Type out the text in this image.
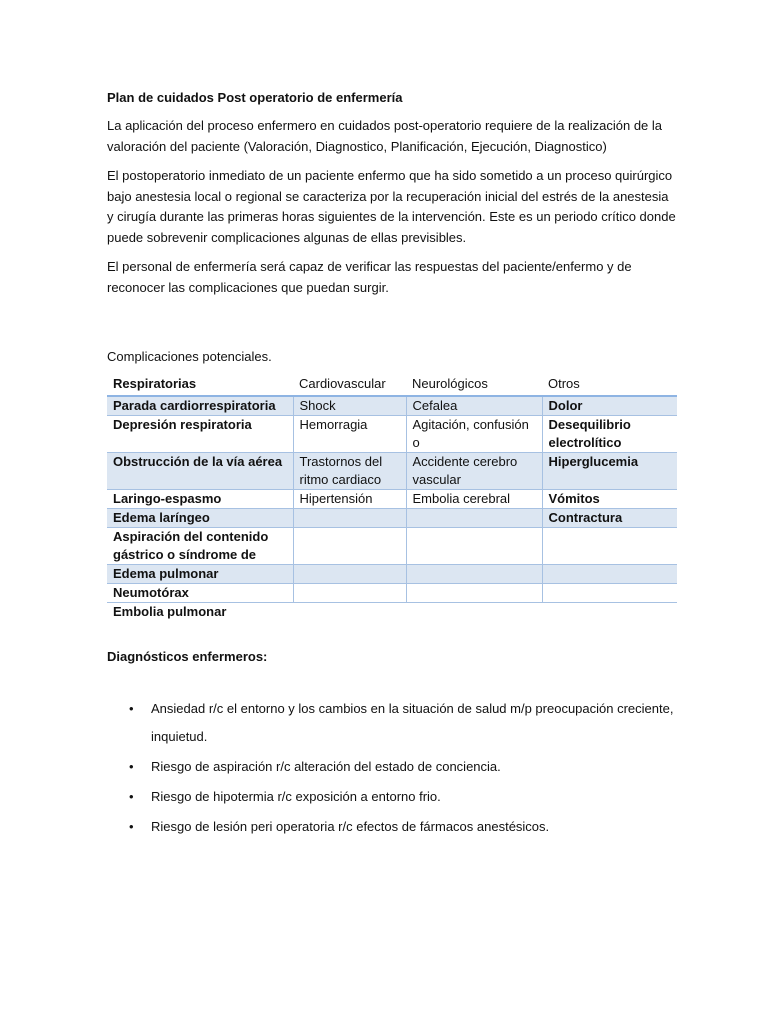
Plan de cuidados Post operatorio de enfermería

La aplicación del proceso enfermero en cuidados post-operatorio requiere de la realización de la valoración del paciente (Valoración, Diagnostico, Planificación, Ejecución, Diagnostico)

El postoperatorio inmediato de un paciente enfermo que ha sido sometido a un proceso quirúrgico bajo anestesia local o regional se caracteriza por la recuperación inicial del estrés de la anestesia y cirugía durante las primeras horas siguientes de la intervención. Este es un periodo crítico donde puede sobrevenir complicaciones algunas de ellas previsibles.

El personal de enfermería será capaz de verificar las respuestas del paciente/enfermo y de reconocer las complicaciones que puedan surgir.

Complicaciones potenciales.
Respiratorias	Cardiovascular	Neurológicos	Otros
Parada cardiorrespiratoria	Shock	Cefalea	Dolor
Depresión respiratoria	Hemorragia	Agitación, confusión o	Desequilibrio electrolítico
Obstrucción de la vía aérea	Trastornos del ritmo cardiaco	Accidente cerebro vascular	Hiperglucemia
Laringo-espasmo	Hipertensión	Embolia cerebral	Vómitos
Edema laríngeo			Contractura
Aspiración del contenido gástrico o síndrome de			
Edema pulmonar			
Neumotórax			
Embolia pulmonar			
Diagnósticos enfermeros:
• Ansiedad r/c el entorno y los cambios en la situación de salud m/p preocupación creciente, inquietud.
• Riesgo de aspiración r/c alteración del estado de conciencia.
• Riesgo de hipotermia r/c exposición a entorno frio.
• Riesgo de lesión peri operatoria r/c efectos de fármacos anestésicos.
